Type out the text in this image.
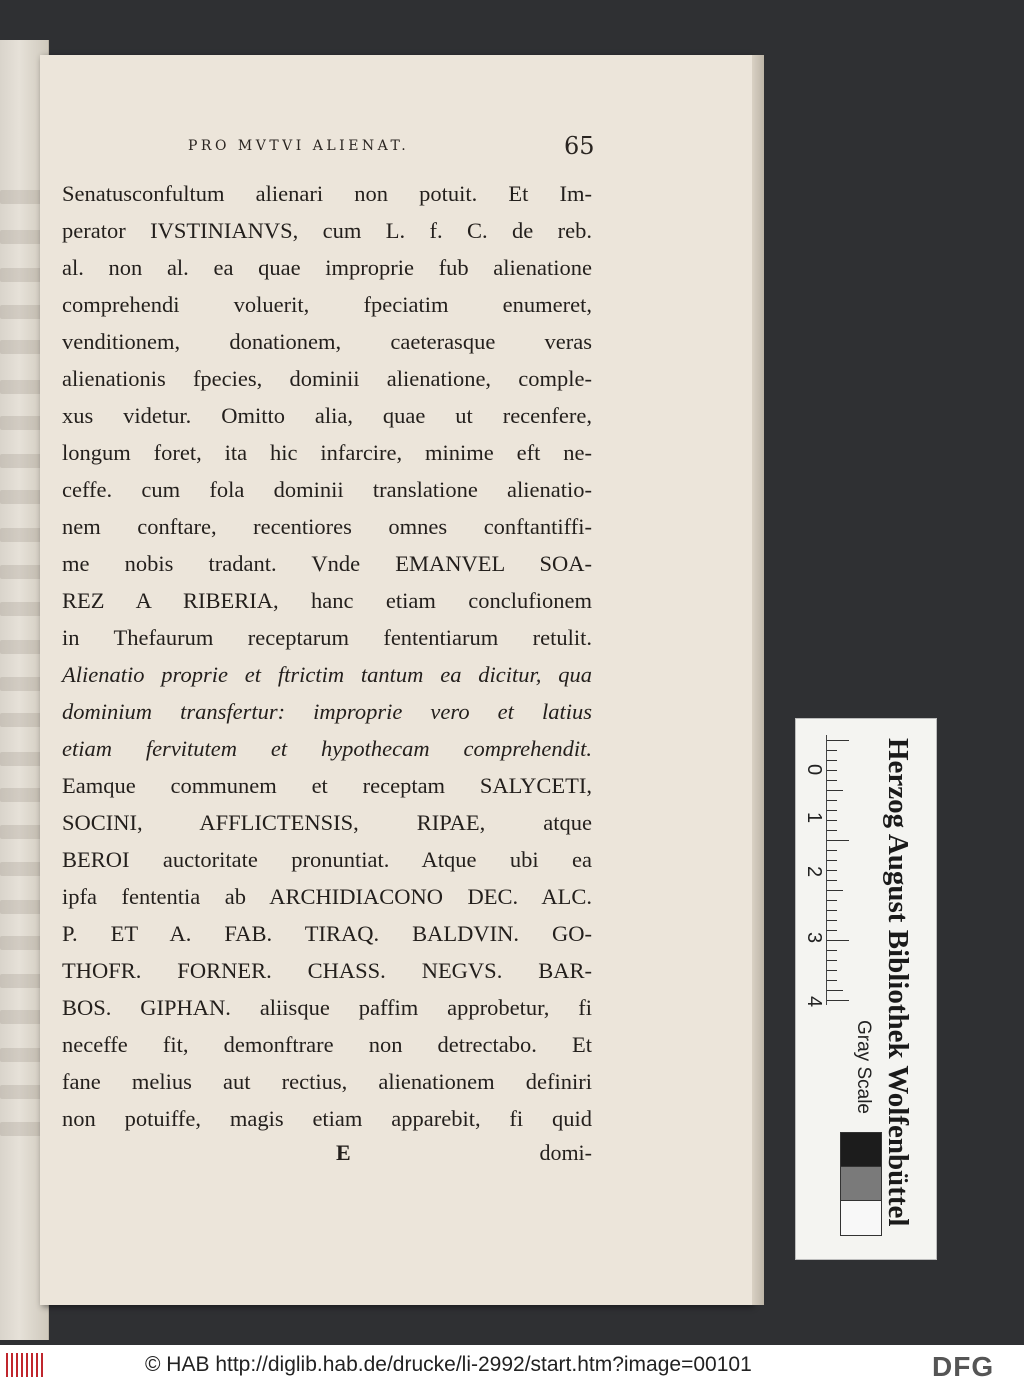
PRO MVTVI ALIENAT.	65
Senatusconfultum alienari non potuit. Et Im-
perator IVSTINIANVS, cum L. f. C. de reb.
al. non al. ea quae improprie fub alienatione
comprehendi voluerit, fpeciatim enumeret,
venditionem, donationem, caeterasque veras
alienationis fpecies, dominii alienatione, comple-
xus videtur. Omitto alia, quae ut recenfere,
longum foret, ita hic infarcire, minime eft ne-
ceffe. cum fola dominii translatione alienatio-
nem conftare, recentiores omnes conftantiffi-
me nobis tradant. Vnde EMANVEL SOA-
REZ A RIBERIA, hanc etiam conclufionem
in Thefaurum receptarum fententiarum retulit.
Alienatio proprie et ftrictim tantum ea dicitur, qua
dominium transfertur: improprie vero et latius
etiam fervitutem et hypothecam comprehendit.
Eamque communem et receptam SALYCETI,
SOCINI, AFFLICTENSIS, RIPAE, atque
BEROI auctoritate pronuntiat. Atque ubi ea
ipfa fententia ab ARCHIDIACONO DEC. ALC.
P. ET A. FAB. TIRAQ. BALDVIN. GO-
THOFR. FORNER. CHASS. NEGVS. BAR-
BOS. GIPHAN. aliisque paffim approbetur, fi
neceffe fit, demonftrare non detrectabo. Et
fane melius aut rectius, alienationem definiri
non potuiffe, magis etiam apparebit, fi quid
E	domi-	Herzog August Bibliothek Wolfenbüttel
0
1
2
3
4
Gray Scale
© HAB http://diglib.hab.de/drucke/li-2992/start.htm?image=00101	DFG
